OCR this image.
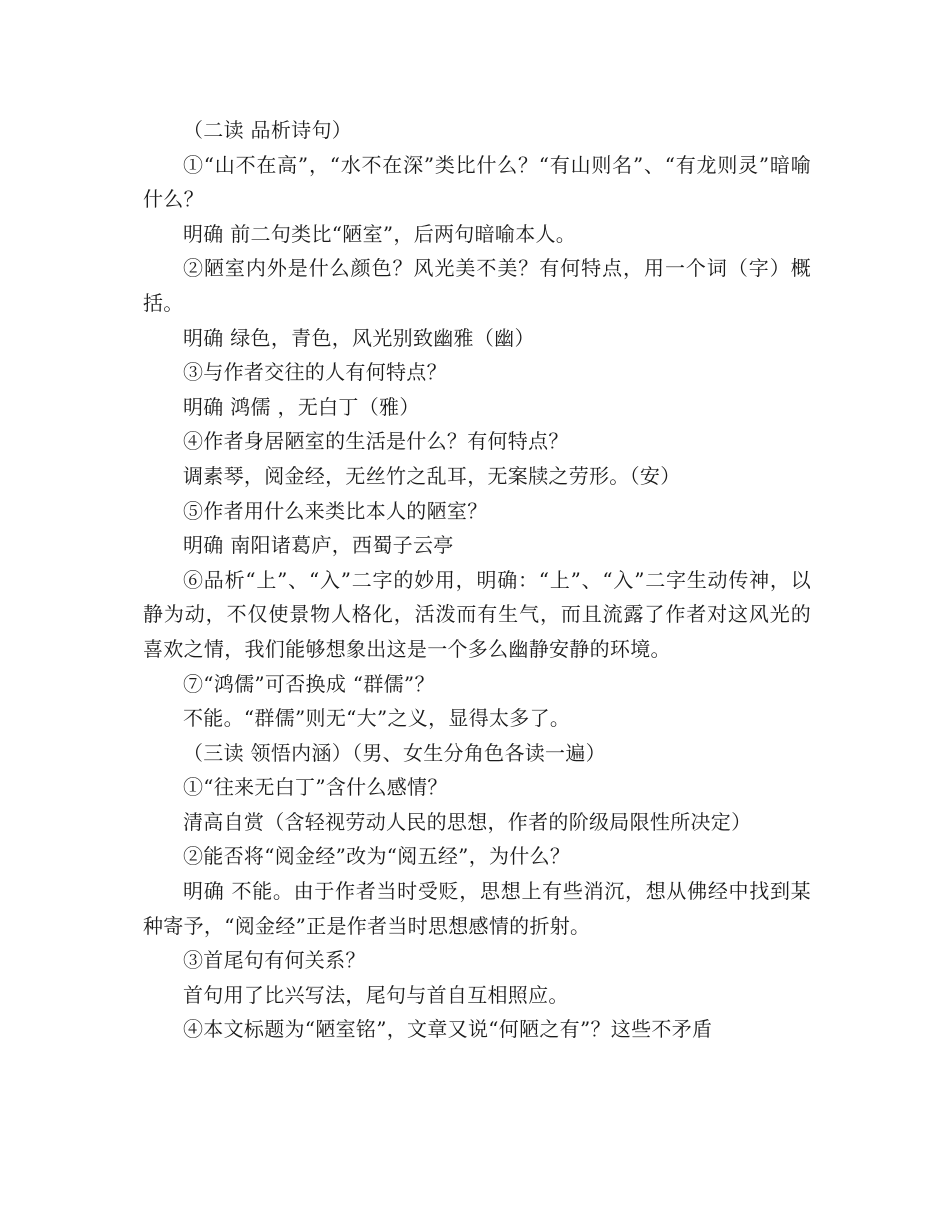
（二读 品析诗句）

①“山不在高”，“水不在深”类比什么？“有山则名”、“有龙则灵”暗喻什么？

明确 前二句类比“陋室”，后两句暗喻本人。

②陋室内外是什么颜色？风光美不美？有何特点，用一个词（字）概括。

明确 绿色，青色，风光别致幽雅（幽）

③与作者交往的人有何特点？

明确 鸿儒 ，无白丁（雅）

④作者身居陋室的生活是什么？有何特点？

调素琴，阅金经，无丝竹之乱耳，无案牍之劳形。（安）

⑤作者用什么来类比本人的陋室？

明确 南阳诸葛庐，西蜀子云亭

⑥品析“上”、“入”二字的妙用，明确：“上”、“入”二字生动传神，以静为动，不仅使景物人格化，活泼而有生气，而且流露了作者对这风光的喜欢之情，我们能够想象出这是一个多么幽静安静的环境。

⑦“鸿儒”可否换成 “群儒”？

不能。“群儒”则无“大”之义，显得太多了。

（三读 领悟内涵）（男、女生分角色各读一遍）

①“往来无白丁”含什么感情？

清高自赏（含轻视劳动人民的思想，作者的阶级局限性所决定）

②能否将“阅金经”改为“阅五经”，为什么？

明确 不能。由于作者当时受贬，思想上有些消沉，想从佛经中找到某种寄予，“阅金经”正是作者当时思想感情的折射。

③首尾句有何关系？

首句用了比兴写法，尾句与首自互相照应。

④本文标题为“陋室铭”，文章又说“何陋之有”？这些不矛盾
